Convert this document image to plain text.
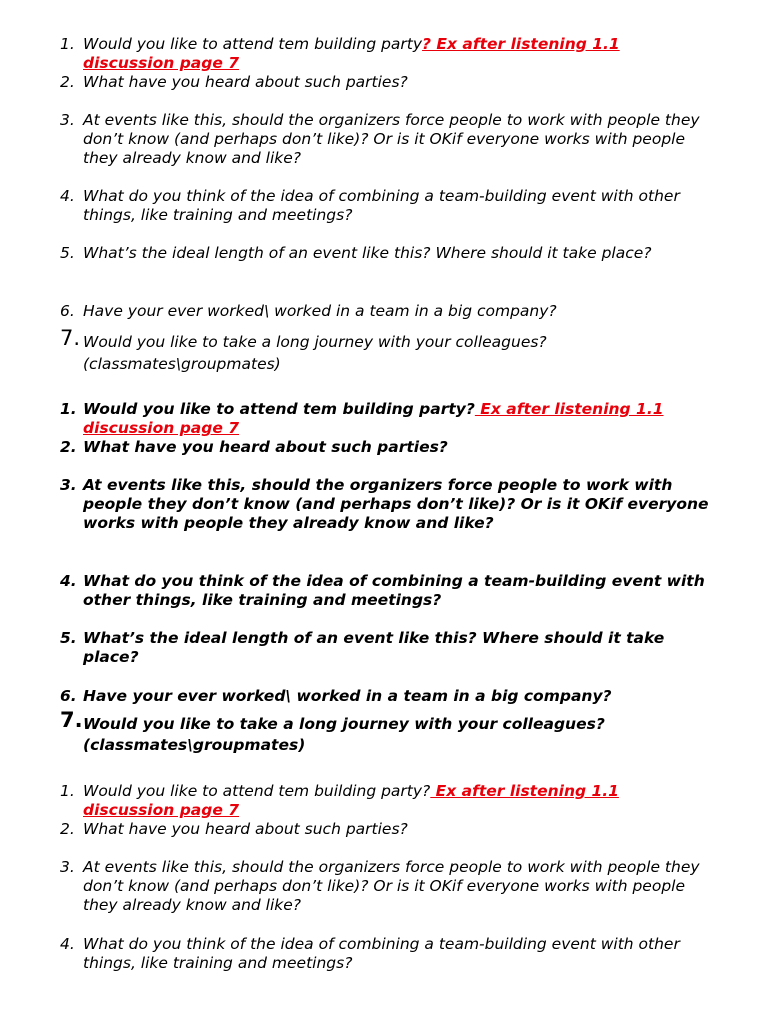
1. Would you like to attend tem building party? Ex after listening 1.1 discussion page 7
2. What have you heard about such parties?
3. At events like this, should the organizers force people to work with people they don’t know (and perhaps don’t like)? Or is it OKif everyone works with people they already know and like?
4. What do you think of the idea of combining a team-building event with other things, like training and meetings?
5. What’s the ideal length of an event like this? Where should it take place?
6. Have your ever worked\ worked in a team in a big company?
7. Would you like to take a long journey with your colleagues? (classmates\groupmates)
1. Would you like to attend tem building party? Ex after listening 1.1 discussion page 7
2. What have you heard about such parties?
3. At events like this, should the organizers force people to work with people they don’t know (and perhaps don’t like)? Or is it OKif everyone works with people they already know and like?
4. What do you think of the idea of combining a team-building event with other things, like training and meetings?
5. What’s the ideal length of an event like this? Where should it take place?
6. Have your ever worked\ worked in a team in a big company?
7. Would you like to take a long journey with your colleagues? (classmates\groupmates)
1. Would you like to attend tem building party? Ex after listening 1.1 discussion page 7
2. What have you heard about such parties?
3. At events like this, should the organizers force people to work with people they don’t know (and perhaps don’t like)? Or is it OKif everyone works with people they already know and like?
4. What do you think of the idea of combining a team-building event with other things, like training and meetings?
